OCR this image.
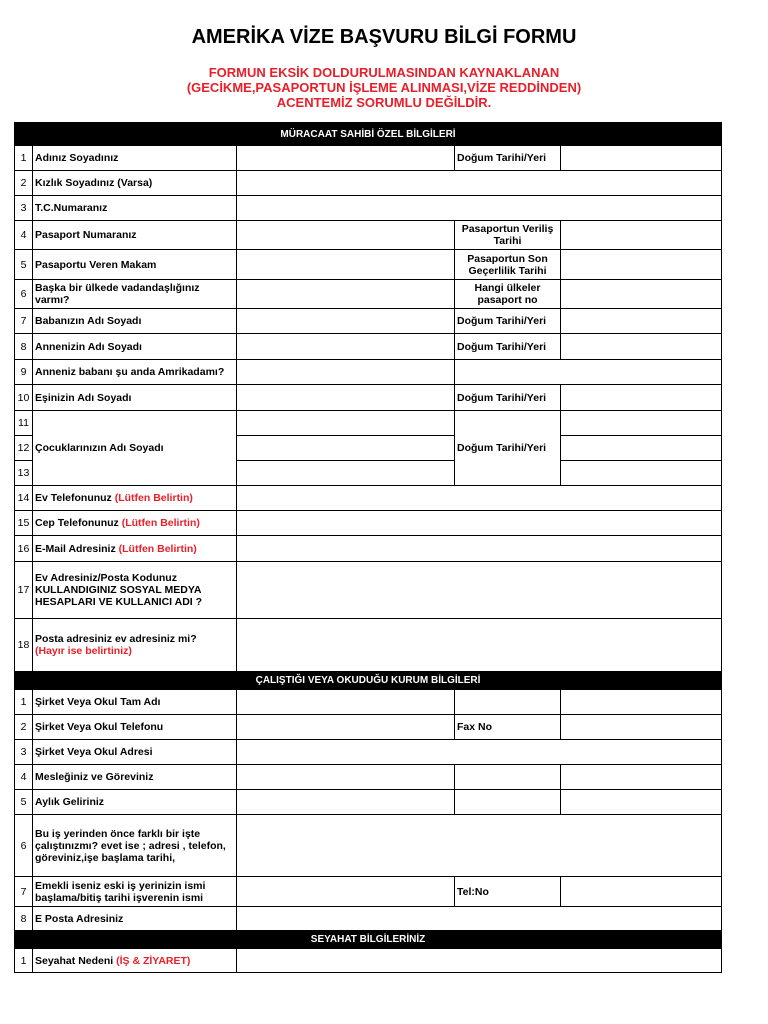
AMERİKA VİZE BAŞVURU BİLGİ FORMU
FORMUN EKSİK DOLDURULMASINDAN KAYNAKLANAN
(GECİKME,PASAPORTUN İŞLEME ALINMASI,VİZE REDDİNDEN)
ACENTEMİZ SORUMLU DEĞİLDİR.
MÜRACAAT SAHİBİ ÖZEL BİLGİLERİ				
1	Adınız Soyadınız		Doğum Tarihi/Yeri	
2	Kızlık Soyadınız (Varsa)			
3	T.C.Numaranız			
4	Pasaport Numaranız		Pasaportun Veriliş Tarihi	
5	Pasaportu Veren Makam		Pasaportun Son Geçerlilik Tarihi	
6	Başka bir ülkede vadandaşlığınız varmı?		Hangi ülkeler pasaport no	
7	Babanızın Adı Soyadı		Doğum Tarihi/Yeri	
8	Annenizin Adı Soyadı		Doğum Tarihi/Yeri	
9	Anneniz babanı şu anda Amrikadamı?			
10	Eşinizin Adı Soyadı		Doğum Tarihi/Yeri	
11	Çocuklarınızın Adı Soyadı		Doğum Tarihi/Yeri	
12				
13				
14	Ev Telefonunuz (Lütfen Belirtin)			
15	Cep Telefonunuz (Lütfen Belirtin)			
16	E-Mail Adresiniz (Lütfen Belirtin)			
17	Ev Adresiniz/Posta Kodunuz KULLANDIGINIZ SOSYAL MEDYA HESAPLARI VE KULLANICI ADI ?			
18	Posta adresiniz ev adresiniz mi?
(Hayır ise belirtiniz)			

ÇALIŞTIĞI VEYA OKUDUĞU KURUM BİLGİLERİ				
1	Şirket Veya Okul Tam Adı			
2	Şirket Veya Okul Telefonu		Fax No	
3	Şirket Veya Okul Adresi			
4	Mesleğiniz ve Göreviniz			
5	Aylık Geliriniz			
6	Bu iş yerinden önce farklı bir işte çalıştınızmı? evet ise ; adresi , telefon, göreviniz,işe başlama tarihi,			
7	Emekli iseniz eski iş yerinizin ismi başlama/bitiş tarihi işverenin ismi		Tel:No	
8	E Posta Adresiniz			
SEYAHAT BİLGİLERİNİZ				
1	Seyahat Nedeni (İŞ & ZİYARET)			
